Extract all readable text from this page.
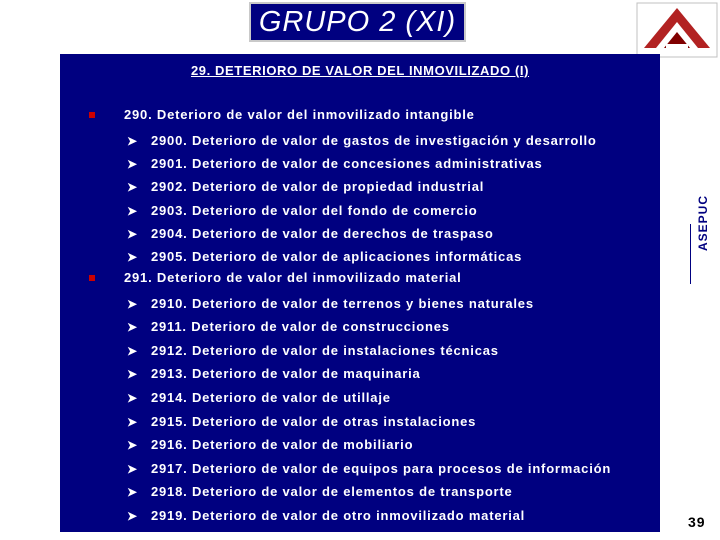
GRUPO 2 (XI)
29. DETERIORO DE VALOR DEL INMOVILIZADO (I)
290. Deterioro de valor del inmovilizado intangible
➤ 2900. Deterioro de valor de gastos de investigación y desarrollo
➤ 2901. Deterioro de valor de concesiones administrativas
➤ 2902. Deterioro de valor de propiedad industrial
➤ 2903. Deterioro de valor del fondo de comercio
➤ 2904. Deterioro de valor de derechos de traspaso
➤ 2905. Deterioro de valor de aplicaciones informáticas
291. Deterioro de valor del inmovilizado material
➤ 2910. Deterioro de valor de terrenos y bienes naturales
➤ 2911. Deterioro de valor de construcciones
➤ 2912. Deterioro de valor de instalaciones técnicas
➤ 2913. Deterioro de valor de maquinaria
➤ 2914. Deterioro de valor de utillaje
➤ 2915. Deterioro de valor de otras instalaciones
➤ 2916. Deterioro de valor de mobiliario
➤ 2917. Deterioro de valor de equipos para procesos de información
➤ 2918. Deterioro de valor de elementos de transporte
➤ 2919. Deterioro de valor de otro inmovilizado material
ASEPUC
39
